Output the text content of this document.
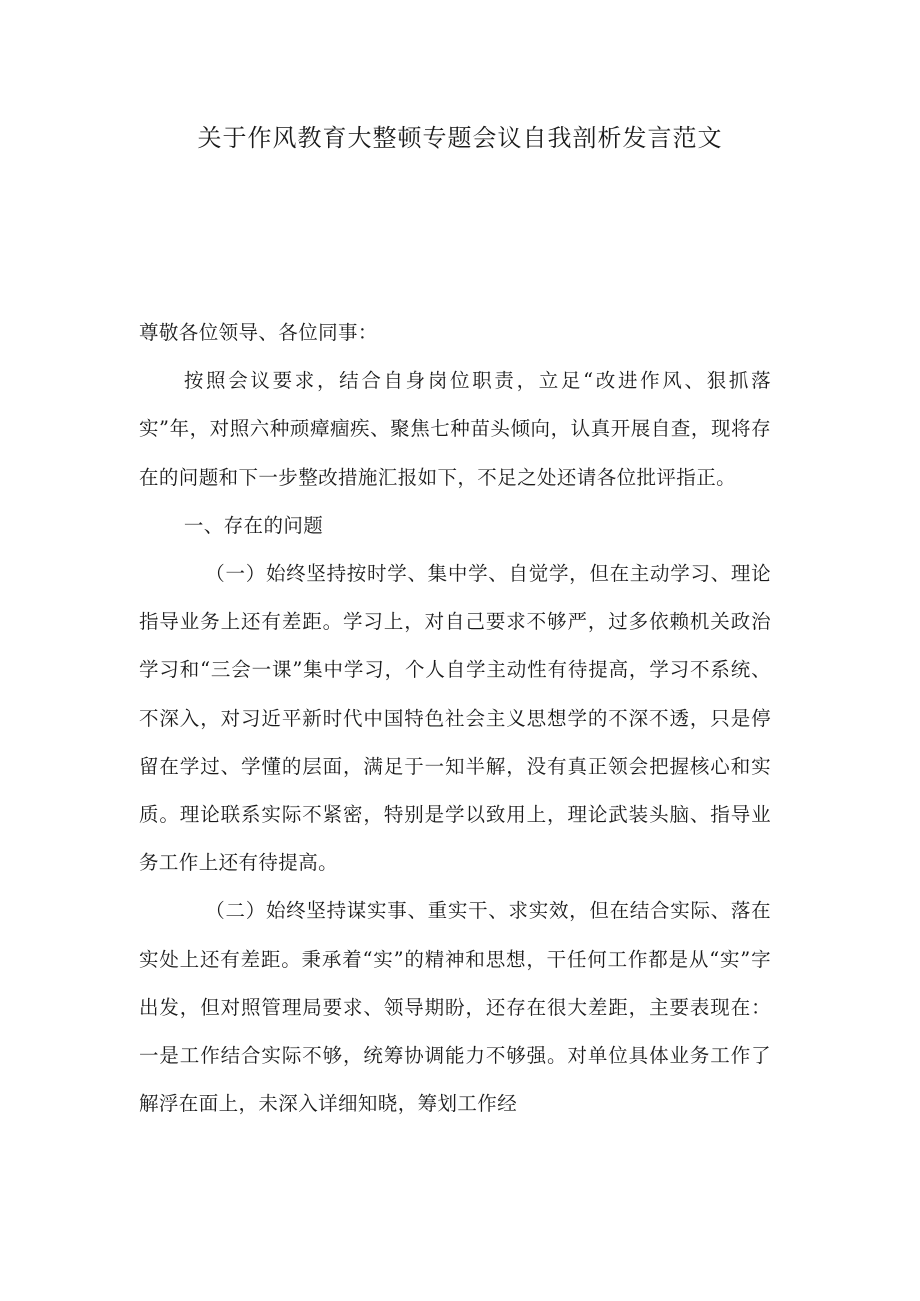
关于作风教育大整顿专题会议自我剖析发言范文

尊敬各位领导、各位同事：

按照会议要求，结合自身岗位职责，立足“改进作风、狠抓落实”年，对照六种顽瘴痼疾、聚焦七种苗头倾向，认真开展自查，现将存在的问题和下一步整改措施汇报如下，不足之处还请各位批评指正。

一、存在的问题

（一）始终坚持按时学、集中学、自觉学，但在主动学习、理论指导业务上还有差距。学习上，对自己要求不够严，过多依赖机关政治学习和“三会一课”集中学习，个人自学主动性有待提高，学习不系统、不深入，对习近平新时代中国特色社会主义思想学的不深不透，只是停留在学过、学懂的层面，满足于一知半解，没有真正领会把握核心和实质。理论联系实际不紧密，特别是学以致用上，理论武装头脑、指导业务工作上还有待提高。

（二）始终坚持谋实事、重实干、求实效，但在结合实际、落在实处上还有差距。秉承着“实”的精神和思想，干任何工作都是从“实”字出发，但对照管理局要求、领导期盼，还存在很大差距，主要表现在：一是工作结合实际不够，统筹协调能力不够强。对单位具体业务工作了解浮在面上，未深入详细知晓，筹划工作经
